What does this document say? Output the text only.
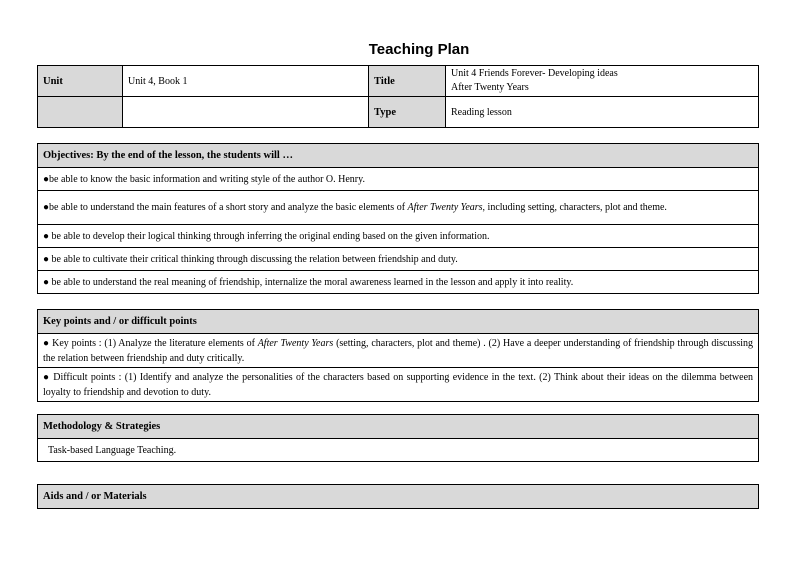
Teaching Plan
Unit	Unit 4, Book 1	Title	Unit 4 Friends Forever- Developing ideas
After Twenty Years

		Type	Reading lesson
Objectives: By the end of the lesson, the students will …
●be able to know the basic information and writing style of the author O. Henry.
●be able to understand the main features of a short story and analyze the basic elements of After Twenty Years, including setting, characters, plot and theme.
● be able to develop their logical thinking through inferring the original ending based on the given information.
● be able to cultivate their critical thinking through discussing the relation between friendship and duty.
● be able to understand the real meaning of friendship, internalize the moral awareness learned in the lesson and apply it into reality.
Key points and / or difficult points
● Key points : (1) Analyze the literature elements of After Twenty Years (setting, characters, plot and theme) . (2) Have a deeper understanding of friendship through discussing the relation between friendship and duty critically.
● Difficult points : (1) Identify and analyze the personalities of the characters based on supporting evidence in the text. (2) Think about their ideas on the dilemma between loyalty to friendship and devotion to duty.
Methodology & Strategies
Task-based Language Teaching.
Aids and / or Materials
